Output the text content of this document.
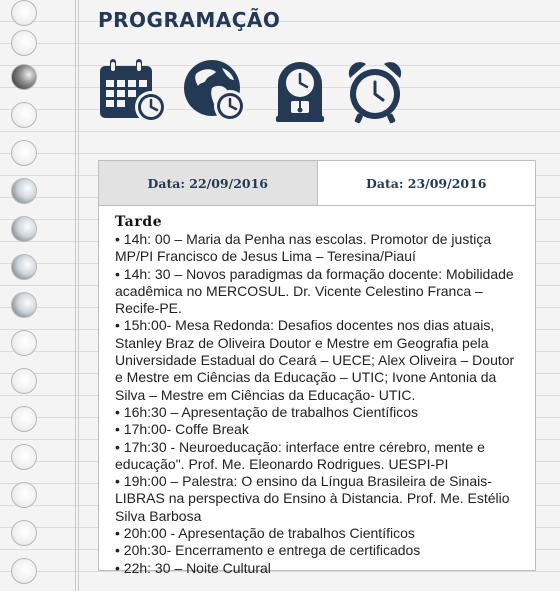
PROGRAMAÇÃO
Data: 22/09/2016	Data: 23/09/2016
Tarde
• 14h: 00 – Maria da Penha nas escolas. Promotor de justiça MP/PI Francisco de Jesus Lima – Teresina/Piauí
• 14h: 30 – Novos paradigmas da formação docente: Mobilidade acadêmica no MERCOSUL. Dr. Vicente Celestino Franca – Recife-PE.
• 15h:00- Mesa Redonda: Desafios docentes nos dias atuais, Stanley Braz de Oliveira Doutor e Mestre em Geografia pela Universidade Estadual do Ceará – UECE; Alex Oliveira – Doutor e Mestre em Ciências da Educação – UTIC; Ivone Antonia da Silva – Mestre em Ciências da Educação- UTIC.
• 16h:30 – Apresentação de trabalhos Científicos
• 17h:00- Coffe Break
• 17h:30 - Neuroeducação: interface entre cérebro, mente e educação". Prof. Me. Eleonardo Rodrigues. UESPI-PI
• 19h:00 – Palestra: O ensino da Língua Brasileira de Sinais-LIBRAS na perspectiva do Ensino à Distancia. Prof. Me. Estélio Silva Barbosa
• 20h:00 - Apresentação de trabalhos Científicos
• 20h:30- Encerramento e entrega de certificados
• 22h: 30 – Noite Cultural
